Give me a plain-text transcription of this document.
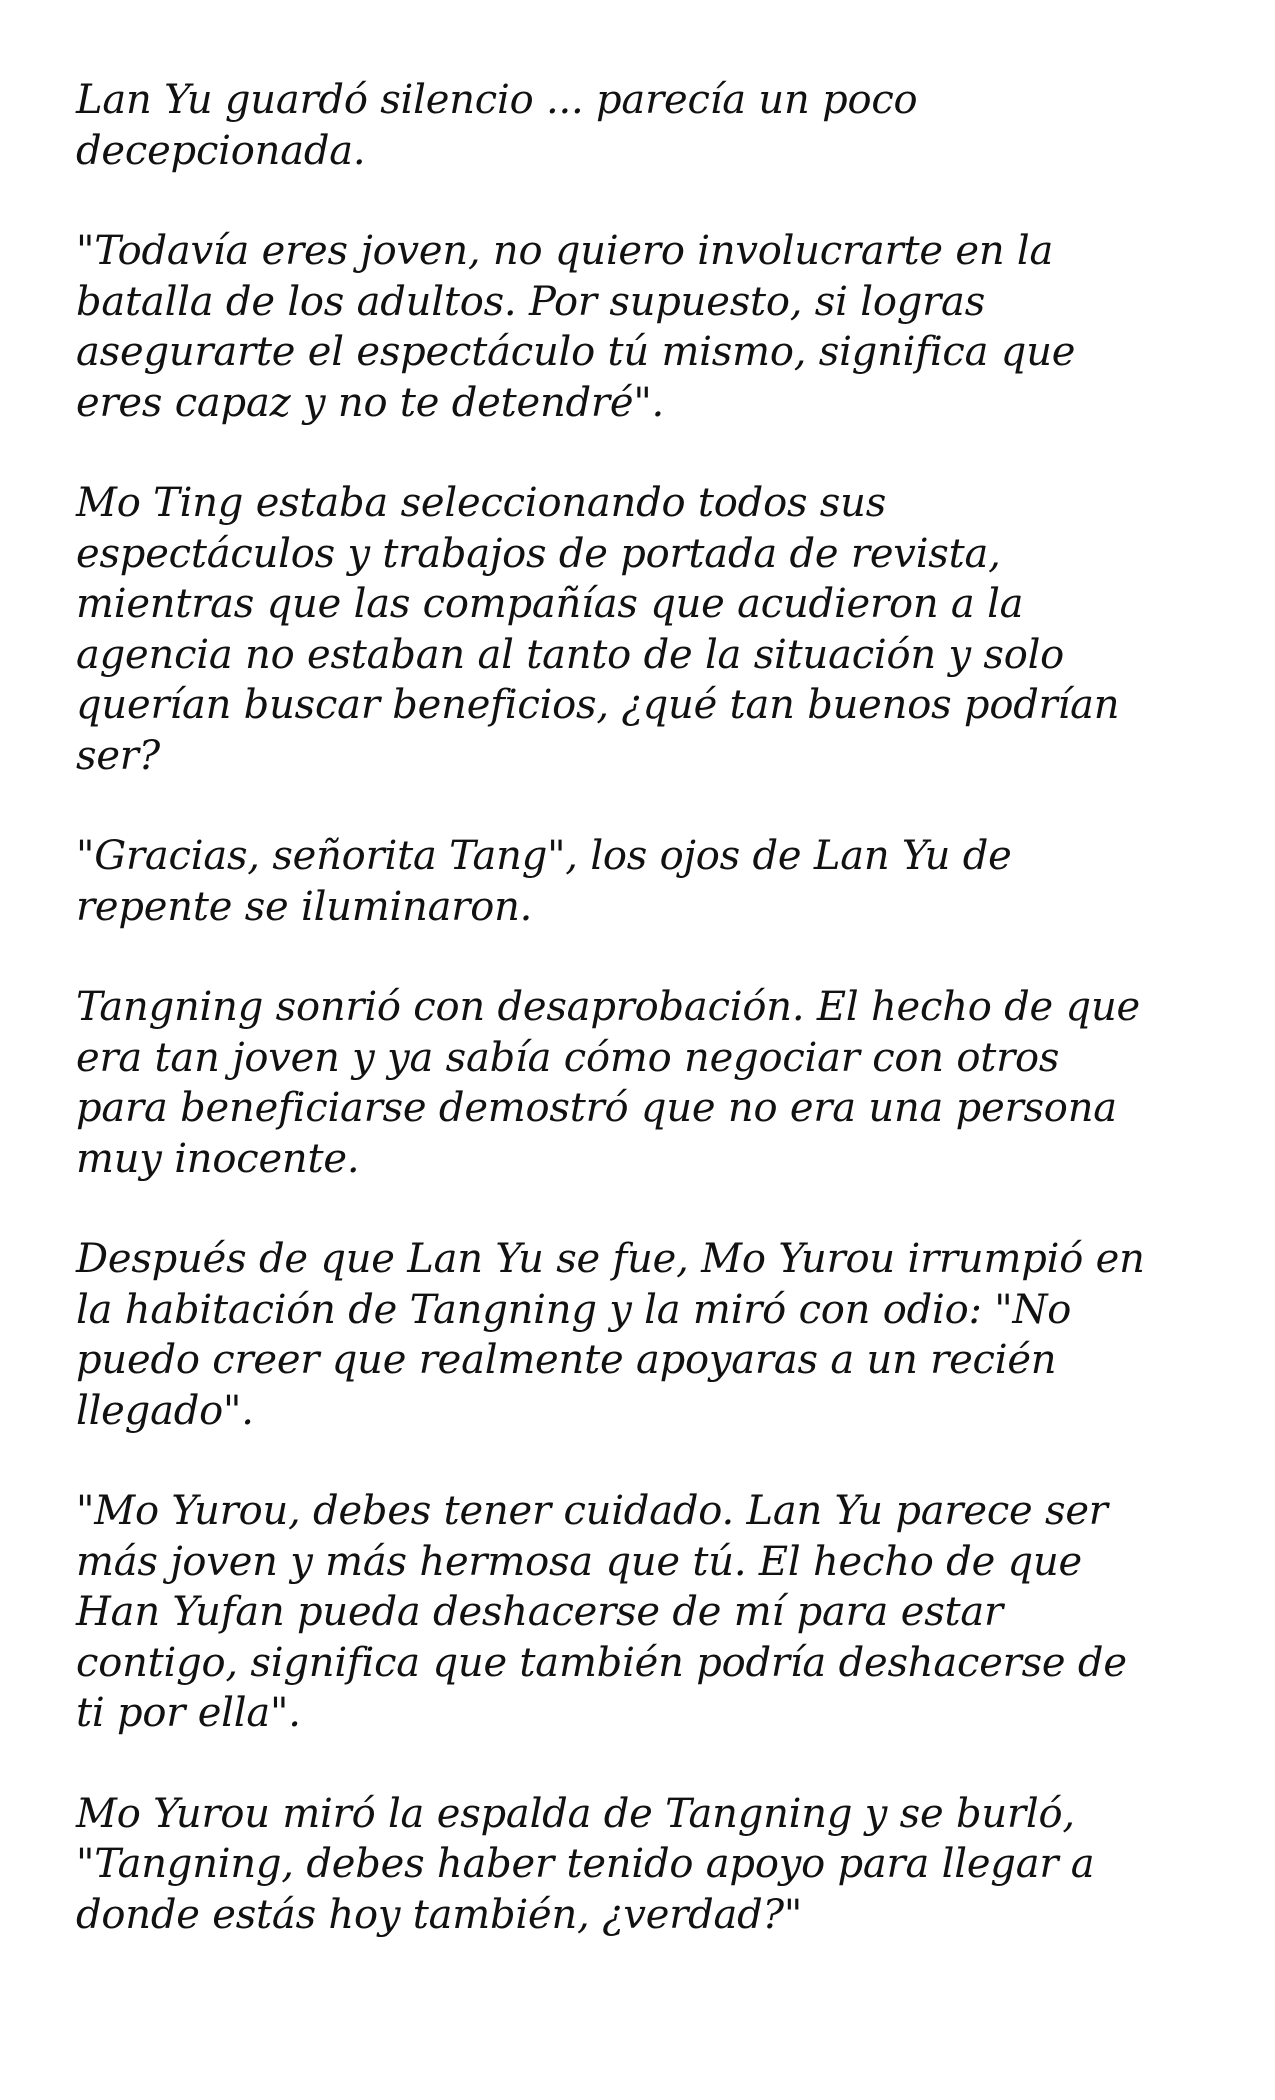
Lan Yu guardó silencio ... parecía un poco
decepcionada.

"Todavía eres joven, no quiero involucrarte en la
batalla de los adultos. Por supuesto, si logras
asegurarte el espectáculo tú mismo, significa que
eres capaz y no te detendré".

Mo Ting estaba seleccionando todos sus
espectáculos y trabajos de portada de revista,
mientras que las compañías que acudieron a la
agencia no estaban al tanto de la situación y solo
querían buscar beneficios, ¿qué tan buenos podrían
ser?

"Gracias, señorita Tang", los ojos de Lan Yu de
repente se iluminaron.

Tangning sonrió con desaprobación. El hecho de que
era tan joven y ya sabía cómo negociar con otros
para beneficiarse demostró que no era una persona
muy inocente.

Después de que Lan Yu se fue, Mo Yurou irrumpió en
la habitación de Tangning y la miró con odio: "No
puedo creer que realmente apoyaras a un recién
llegado".

"Mo Yurou, debes tener cuidado. Lan Yu parece ser
más joven y más hermosa que tú. El hecho de que
Han Yufan pueda deshacerse de mí para estar
contigo, significa que también podría deshacerse de
ti por ella".

Mo Yurou miró la espalda de Tangning y se burló,
"Tangning, debes haber tenido apoyo para llegar a
donde estás hoy también, ¿verdad?"
